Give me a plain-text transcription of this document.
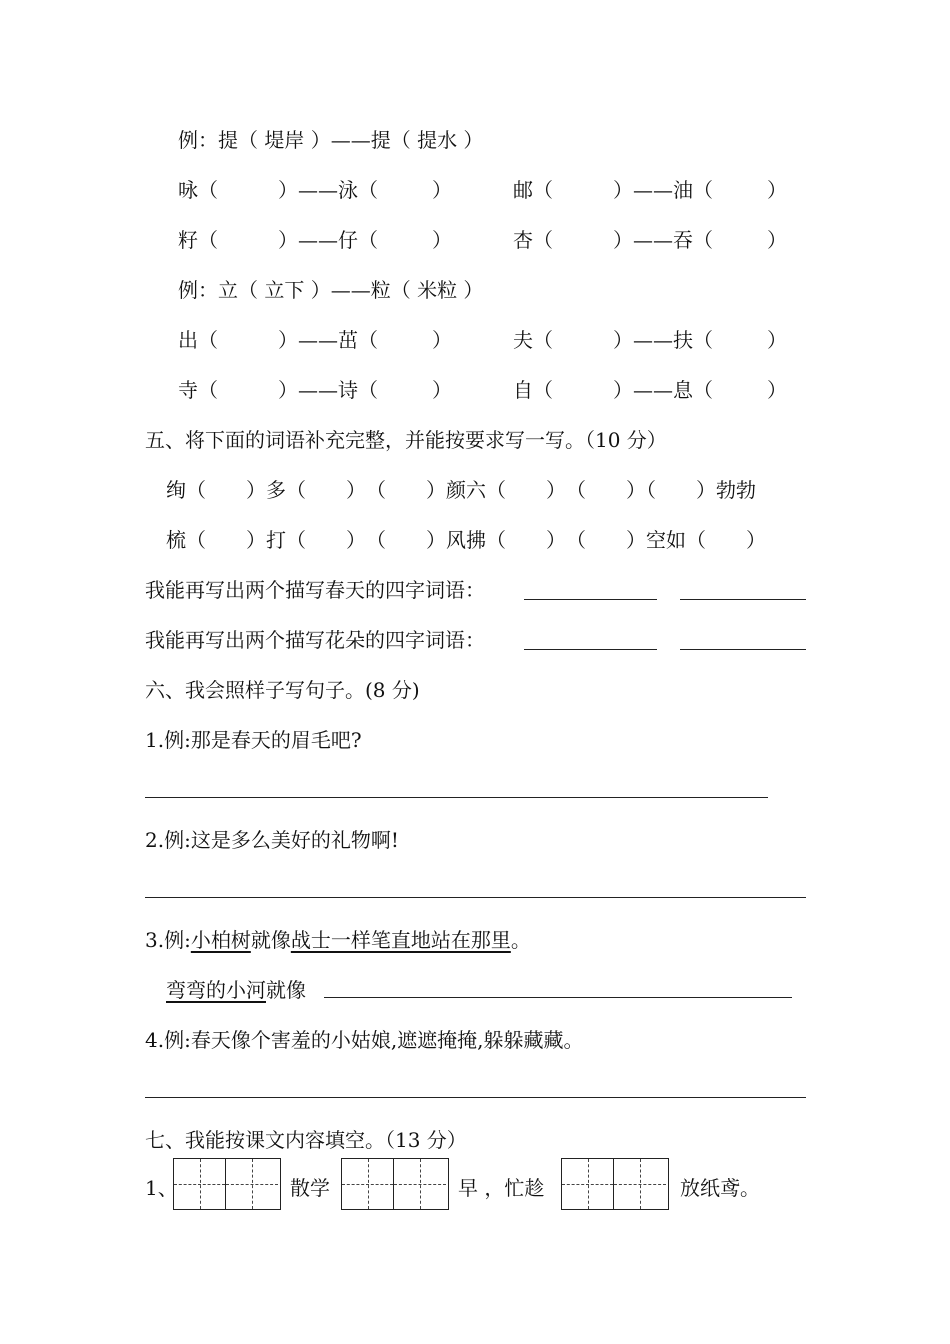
例：提（ 堤岸 ）——提（ 提水 ）
咏（	）——泳（	）	邮（	）——油（	）
籽（	）——仔（	）	杏（	）——吞（	）
例：立（ 立下 ）——粒（ 米粒 ）
出（	）——茁（	）	夫（	）——扶（	）
寺（	）——诗（	）	自（	）——息（	）
五、将下面的词语补充完整，并能按要求写一写。（10 分）
绚（　　）多（　　）　（　　）颜六（　　）　（　　）（　　）勃勃
梳（　　）打（　　）　（　　）风拂（　　）　（　　）空如（　　）
我能再写出两个描写春天的四字词语：
我能再写出两个描写花朵的四字词语：
六、我会照样子写句子。(8 分)
1.例:那是春天的眉毛吧?
2.例:这是多么美好的礼物啊!
3.例:小柏树就像战士一样笔直地站在那里。
弯弯的小河就像
4.例:春天像个害羞的小姑娘,遮遮掩掩,躲躲藏藏。
七、我能按课文内容填空。（13 分）
1、	散学	早 ，忙趁	放纸鸢。
